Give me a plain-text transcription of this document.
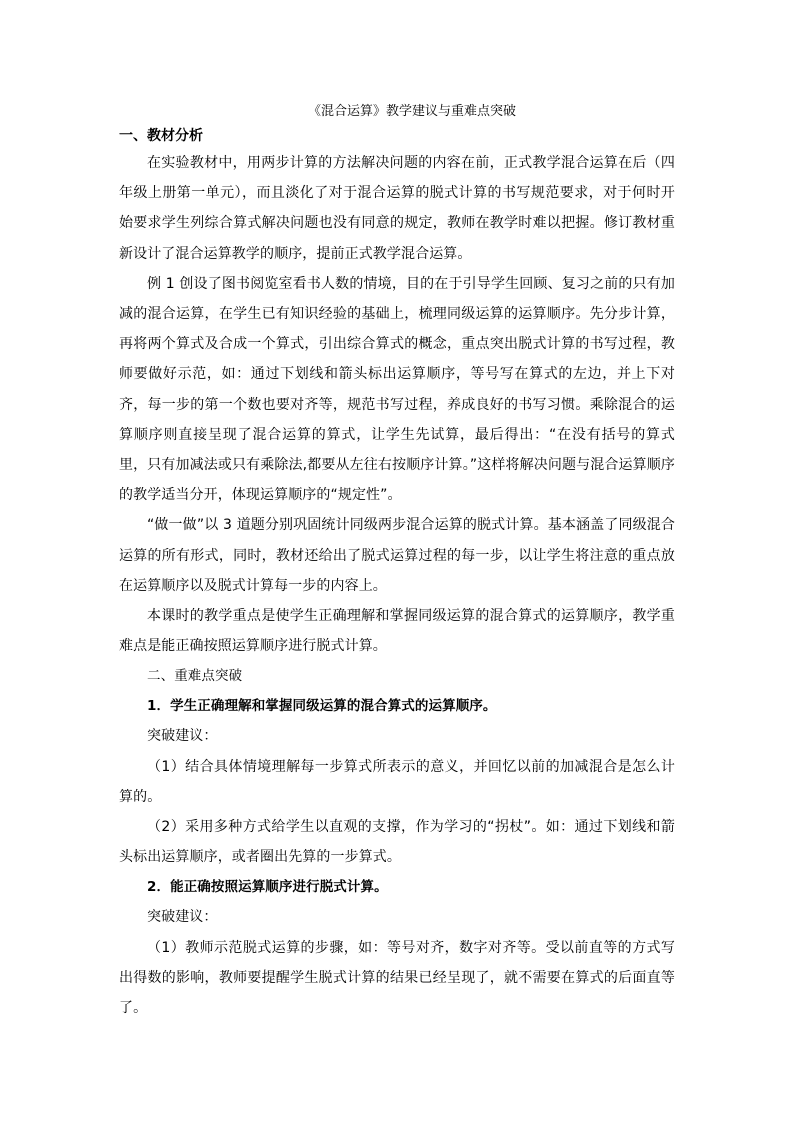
《混合运算》教学建议与重难点突破
一、教材分析

在实验教材中，用两步计算的方法解决问题的内容在前，正式教学混合运算在后（四年级上册第一单元），而且淡化了对于混合运算的脱式计算的书写规范要求，对于何时开始要求学生列综合算式解决问题也没有同意的规定，教师在教学时难以把握。修订教材重新设计了混合运算教学的顺序，提前正式教学混合运算。

例 1 创设了图书阅览室看书人数的情境，目的在于引导学生回顾、复习之前的只有加减的混合运算，在学生已有知识经验的基础上，梳理同级运算的运算顺序。先分步计算，再将两个算式及合成一个算式，引出综合算式的概念，重点突出脱式计算的书写过程，教师要做好示范，如：通过下划线和箭头标出运算顺序，等号写在算式的左边，并上下对齐，每一步的第一个数也要对齐等，规范书写过程，养成良好的书写习惯。乘除混合的运算顺序则直接呈现了混合运算的算式，让学生先试算，最后得出：“在没有括号的算式里，只有加减法或只有乘除法,都要从左往右按顺序计算。”这样将解决问题与混合运算顺序的教学适当分开，体现运算顺序的“规定性”。

“做一做”以 3 道题分别巩固统计同级两步混合运算的脱式计算。基本涵盖了同级混合运算的所有形式，同时，教材还给出了脱式运算过程的每一步，以让学生将注意的重点放在运算顺序以及脱式计算每一步的内容上。

本课时的教学重点是使学生正确理解和掌握同级运算的混合算式的运算顺序，教学重难点是能正确按照运算顺序进行脱式计算。

二、重难点突破
1．学生正确理解和掌握同级运算的混合算式的运算顺序。

突破建议：

（1）结合具体情境理解每一步算式所表示的意义，并回忆以前的加减混合是怎么计算的。

（2）采用多种方式给学生以直观的支撑，作为学习的“拐杖”。如：通过下划线和箭头标出运算顺序，或者圈出先算的一步算式。

2．能正确按照运算顺序进行脱式计算。

突破建议：

（1）教师示范脱式运算的步骤，如：等号对齐，数字对齐等。受以前直等的方式写出得数的影响，教师要提醒学生脱式计算的结果已经呈现了，就不需要在算式的后面直等了。
